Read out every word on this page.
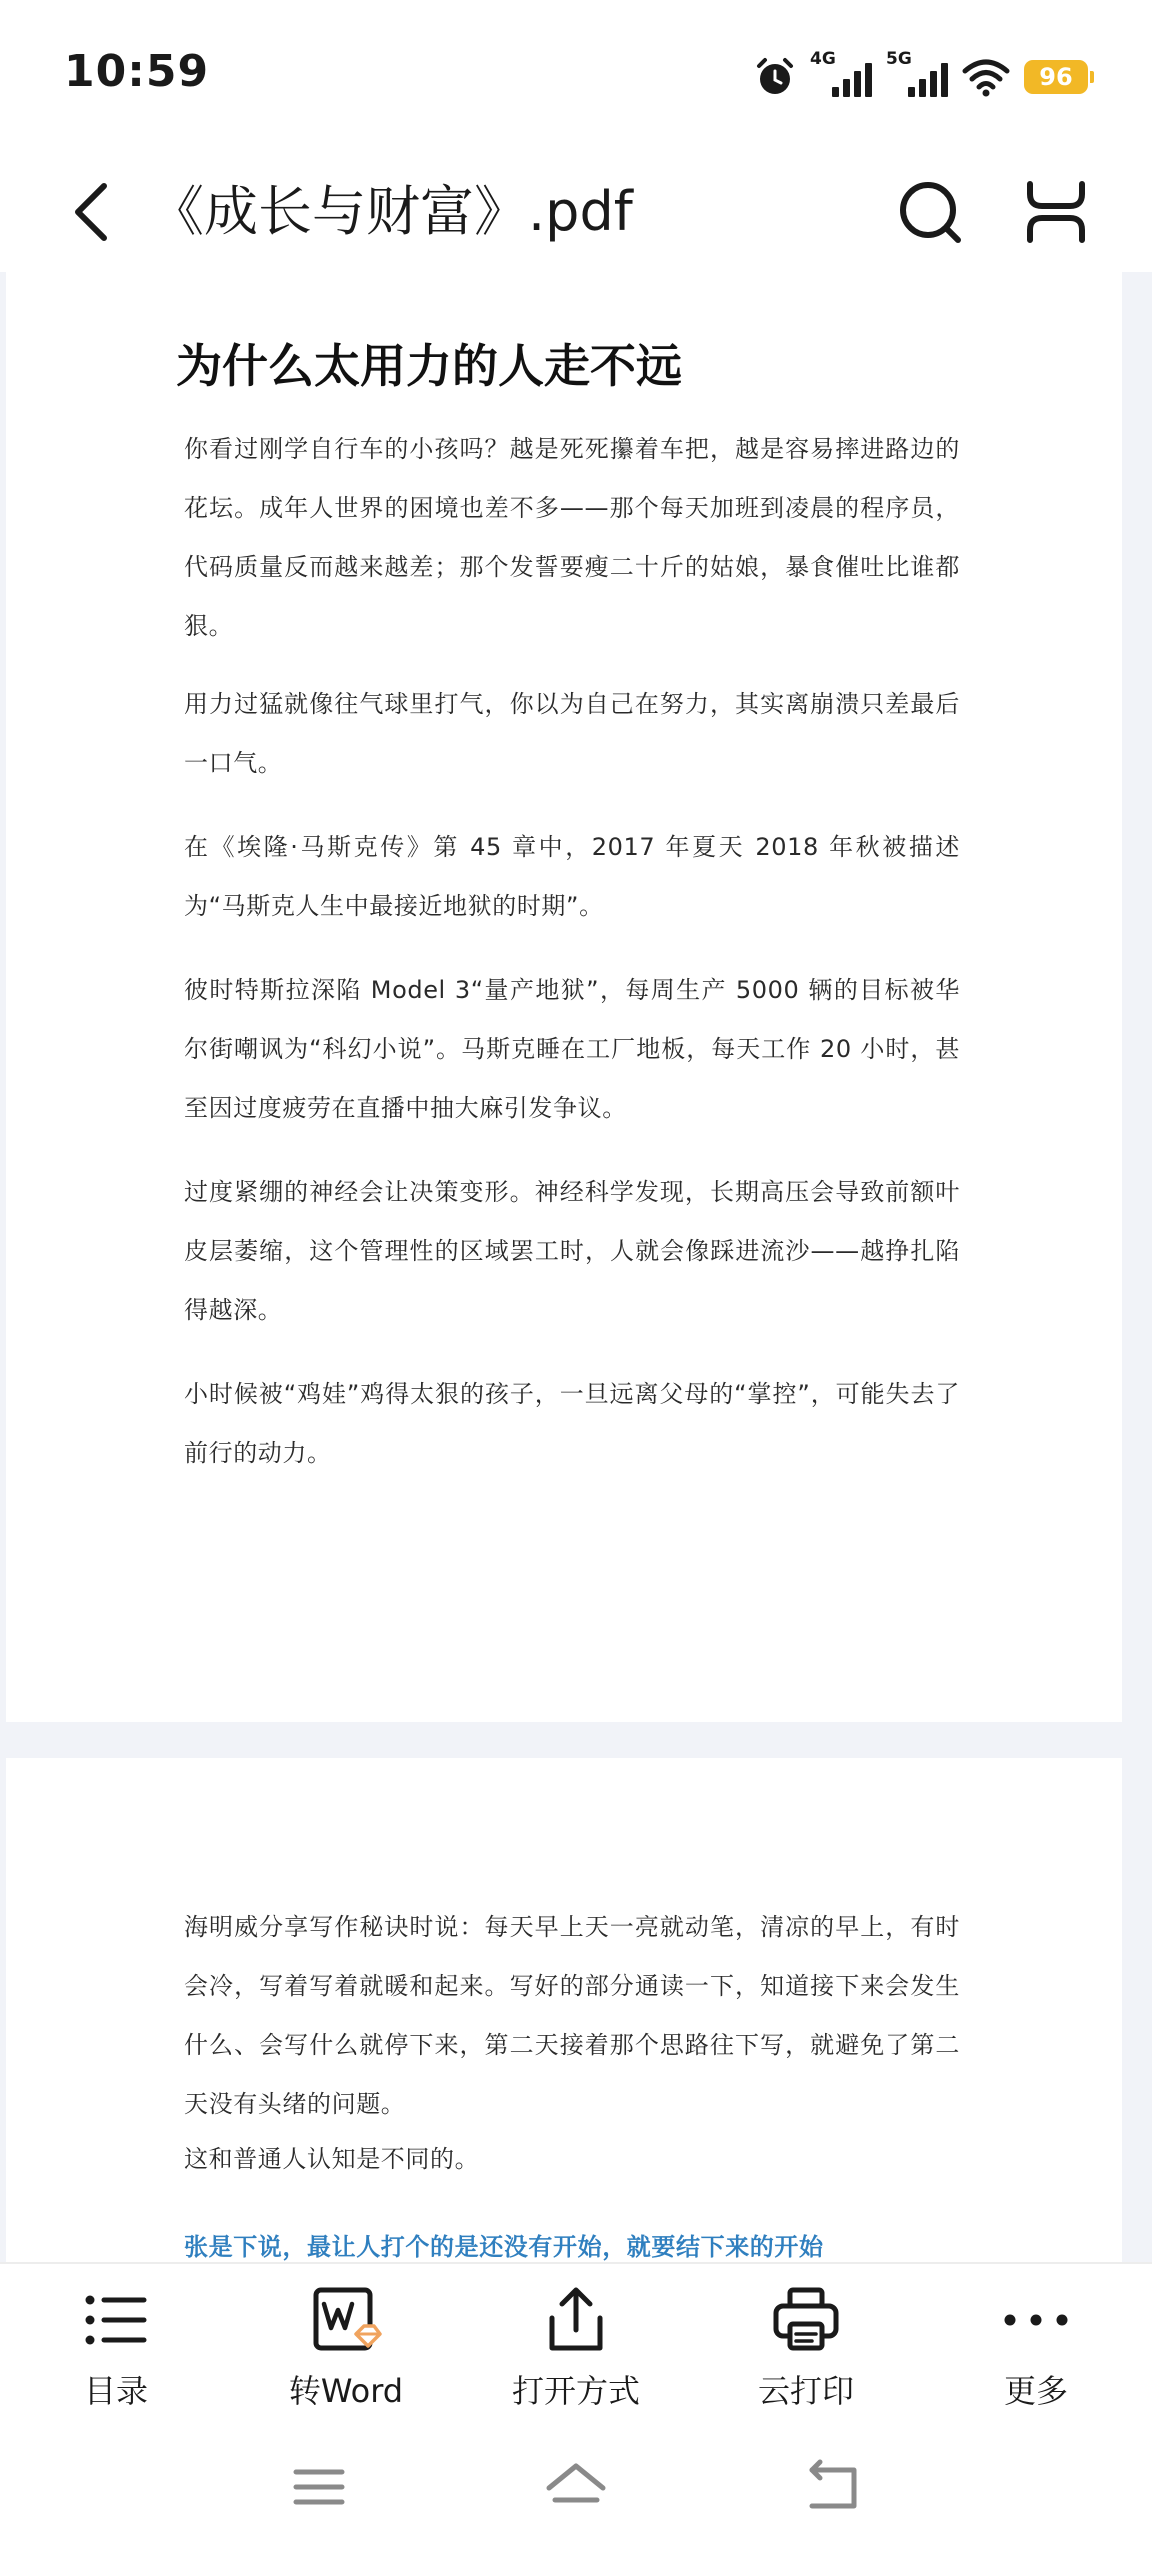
10:59	4G	5G
96
《成长与财富》.pdf
为什么太用力的人走不远
你看过刚学自行车的小孩吗？越是死死攥着车把，越是容易摔进路边的花坛。成年人世界的困境也差不多——那个每天加班到凌晨的程序员，代码质量反而越来越差；那个发誓要瘦二十斤的姑娘，暴食催吐比谁都狠。
用力过猛就像往气球里打气，你以为自己在努力，其实离崩溃只差最后一口气。
在《埃隆·马斯克传》第 45 章中，2017 年夏天 2018 年秋被描述为“马斯克人生中最接近地狱的时期”。
彼时特斯拉深陷 Model 3“量产地狱”，每周生产 5000 辆的目标被华尔街嘲讽为“科幻小说”。马斯克睡在工厂地板，每天工作 20 小时，甚至因过度疲劳在直播中抽大麻引发争议。
过度紧绷的神经会让决策变形。神经科学发现，长期高压会导致前额叶皮层萎缩，这个管理性的区域罢工时，人就会像踩进流沙——越挣扎陷得越深。
小时候被“鸡娃”鸡得太狠的孩子，一旦远离父母的“掌控”，可能失去了前行的动力。
海明威分享写作秘诀时说：每天早上天一亮就动笔，清凉的早上，有时会冷，写着写着就暖和起来。写好的部分通读一下，知道接下来会发生什么、会写什么就停下来，第二天接着那个思路往下写，就避免了第二天没有头绪的问题。
这和普通人认知是不同的。
张是下说，最让人打个的是还没有开始，就要结下来的开始
目录	转Word	打开方式	云打印	更多
